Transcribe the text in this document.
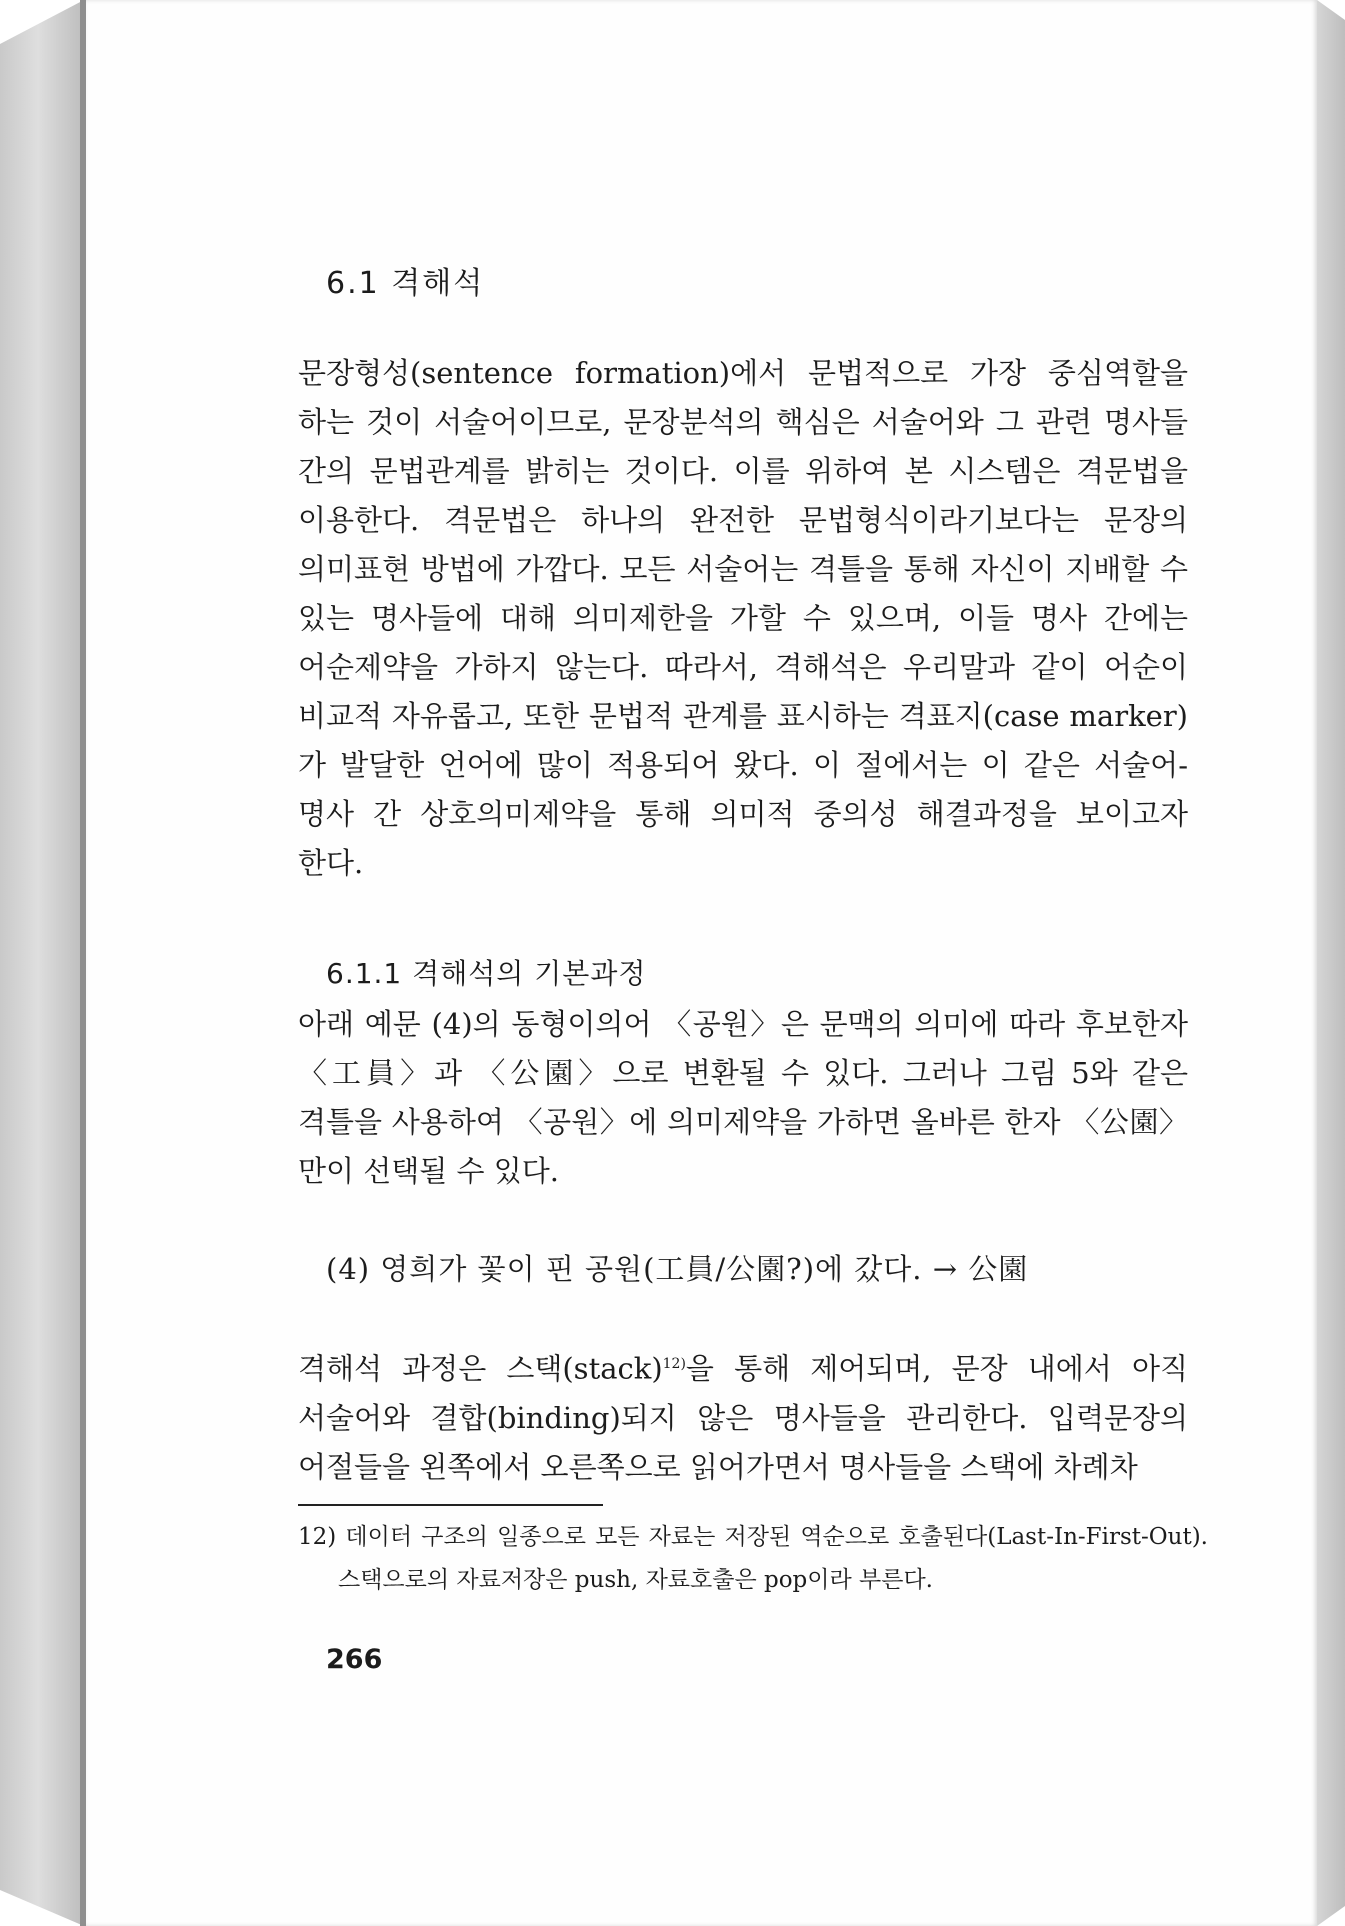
6.1 격해석
문장형성(sentence formation)에서 문법적으로 가장 중심역할을 하는 것이 서술어이므로, 문장분석의 핵심은 서술어와 그 관련 명사들 간의 문법관계를 밝히는 것이다. 이를 위하여 본 시스템은 격문법을 이용한다. 격문법은 하나의 완전한 문법형식이라기보다는 문장의 의미표현 방법에 가깝다. 모든 서술어는 격틀을 통해 자신이 지배할 수 있는 명사들에 대해 의미제한을 가할 수 있으며, 이들 명사 간에는 어순제약을 가하지 않는다. 따라서, 격해석은 우리말과 같이 어순이 비교적 자유롭고, 또한 문법적 관계를 표시하는 격표지(case marker)가 발달한 언어에 많이 적용되어 왔다. 이 절에서는 이 같은 서술어-명사 간 상호의미제약을 통해 의미적 중의성 해결과정을 보이고자 한다.
6.1.1 격해석의 기본과정
아래 예문 (4)의 동형이의어 〈공원〉은 문맥의 의미에 따라 후보한자 〈工員〉과 〈公園〉으로 변환될 수 있다. 그러나 그림 5와 같은 격틀을 사용하여 〈공원〉에 의미제약을 가하면 올바른 한자 〈公園〉만이 선택될 수 있다.
(4) 영희가 꽃이 핀 공원(工員/公園?)에 갔다. → 公園
격해석 과정은 스택(stack)$^{12)}$을 통해 제어되며, 문장 내에서 아직 서술어와 결합(binding)되지 않은 명사들을 관리한다. 입력문장의 어절들을 왼쪽에서 오른쪽으로 읽어가면서 명사들을 스택에 차례차
12) 데이터 구조의 일종으로 모든 자료는 저장된 역순으로 호출된다(Last-In-First-Out). 스택으로의 자료저장은 push, 자료호출은 pop이라 부른다.
266
